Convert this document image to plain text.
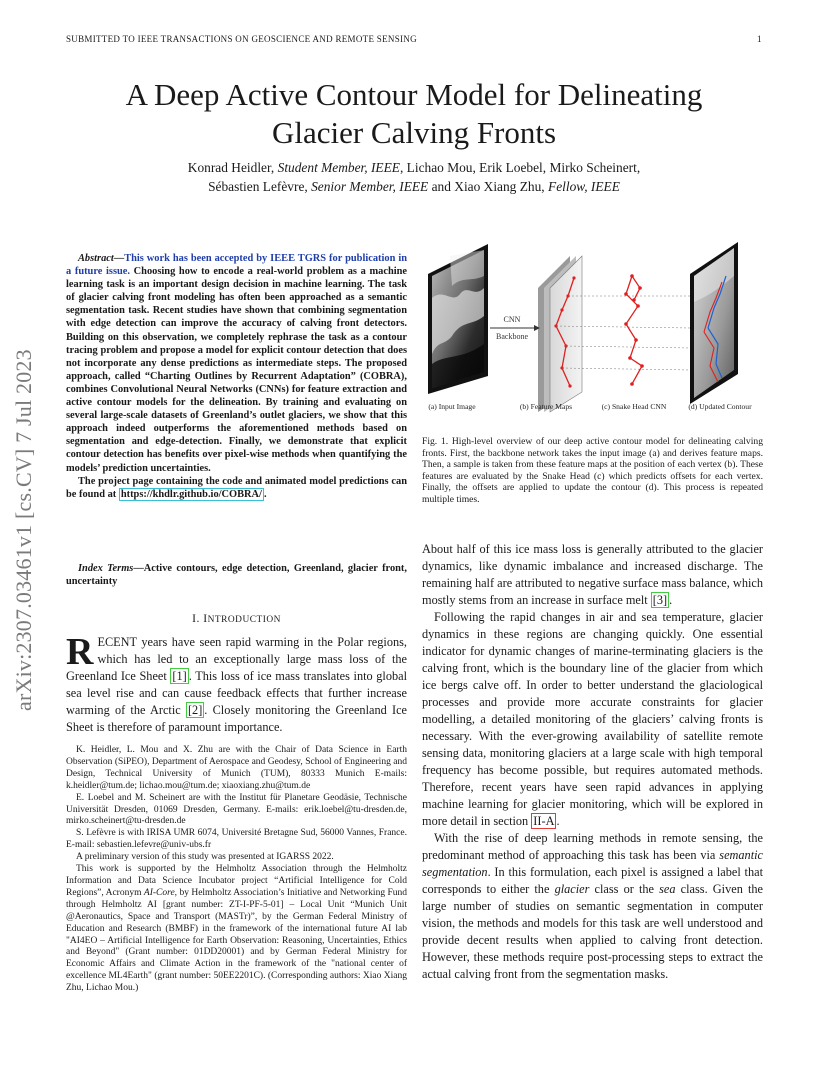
SUBMITTED TO IEEE TRANSACTIONS ON GEOSCIENCE AND REMOTE SENSING	1
arXiv:2307.03461v1 [cs.CV] 7 Jul 2023
A Deep Active Contour Model for Delineating
Glacier Calving Fronts
Konrad Heidler, Student Member, IEEE, Lichao Mou, Erik Loebel, Mirko Scheinert,
Sébastien Lefèvre, Senior Member, IEEE and Xiao Xiang Zhu, Fellow, IEEE

Abstract—This work has been accepted by IEEE TGRS for publication in a future issue. Choosing how to encode a real-world problem as a machine learning task is an important design decision in machine learning. The task of glacier calving front modeling has often been approached as a semantic segmentation task. Recent studies have shown that combining segmentation with edge detection can improve the accuracy of calving front detectors. Building on this observation, we completely rephrase the task as a contour tracing problem and propose a model for explicit contour detection that does not incorporate any dense predictions as intermediate steps. The proposed approach, called “Charting Outlines by Recurrent Adaptation” (COBRA), combines Convolutional Neural Networks (CNNs) for feature extraction and active contour models for the delineation. By training and evaluating on several large-scale datasets of Greenland’s outlet glaciers, we show that this approach indeed outperforms the aforementioned methods based on segmentation and edge-detection. Finally, we demonstrate that explicit contour detection has benefits over pixel-wise methods when quantifying the models’ prediction uncertainties.

The project page containing the code and animated model predictions can be found at https://khdlr.github.io/COBRA/ .

Index Terms—Active contours, edge detection, Greenland, glacier front, uncertainty
I. INTRODUCTION

RECENT years have seen rapid warming in the Polar regions, which has led to an exceptionally large mass loss of the Greenland Ice Sheet [1] . This loss of ice mass translates into global sea level rise and can cause feedback effects that further increase warming of the Arctic [2] . Closely monitoring the Greenland Ice Sheet is therefore of paramount importance.

K. Heidler, L. Mou and X. Zhu are with the Chair of Data Science in Earth Observation (SiPEO), Department of Aerospace and Geodesy, School of Engineering and Design, Technical University of Munich (TUM), 80333 Munich E-mails: k.heidler@tum.de; lichao.mou@tum.de; xiaoxiang.zhu@tum.de

E. Loebel and M. Scheinert are with the Institut für Planetare Geodäsie, Technische Universität Dresden, 01069 Dresden, Germany. E-mails: erik.loebel@tu-dresden.de, mirko.scheinert@tu-dresden.de

S. Lefèvre is with IRISA UMR 6074, Université Bretagne Sud, 56000 Vannes, France. E-mail: sebastien.lefevre@univ-ubs.fr

A preliminary version of this study was presented at IGARSS 2022.

This work is supported by the Helmholtz Association through the Helmholtz Information and Data Science Incubator project “Artificial Intelligence for Cold Regions”, Acronym AI-Core, by Helmholtz Association’s Initiative and Networking Fund through Helmholtz AI [grant number: ZT-I-PF-5-01] – Local Unit “Munich Unit @Aeronautics, Space and Transport (MASTr)”, by the German Federal Ministry of Education and Research (BMBF) in the framework of the international future AI lab "AI4EO – Artificial Intelligence for Earth Observation: Reasoning, Uncertainties, Ethics and Beyond" (Grant number: 01DD20001) and by German Federal Ministry for Economic Affairs and Climate Action in the framework of the "national center of excellence ML4Earth" (grant number: 50EE2201C). (Corresponding authors: Xiao Xiang Zhu, Lichao Mou.)

CNN
Backbone
(a) Input Image	(b) Feature Maps	(c) Snake Head CNN	(d) Updated Contour
Fig. 1. High-level overview of our deep active contour model for delineating calving fronts. First, the backbone network takes the input image (a) and derives feature maps. Then, a sample is taken from these feature maps at the position of each vertex (b). These features are evaluated by the Snake Head (c) which predicts offsets for each vertex. Finally, the offsets are applied to update the contour (d). This process is repeated multiple times.

About half of this ice mass loss is generally attributed to the glacier dynamics, like dynamic imbalance and increased discharge. The remaining half are attributed to negative surface mass balance, which mostly stems from an increase in surface melt [3] .

Following the rapid changes in air and sea temperature, glacier dynamics in these regions are changing quickly. One essential indicator for dynamic changes of marine-terminating glaciers is the calving front, which is the boundary line of the glacier from which ice bergs calve off. In order to better understand the glaciological processes and provide more accurate constraints for glacier modelling, a detailed monitoring of the glaciers’ calving fronts is necessary. With the ever-growing availability of satellite remote sensing data, monitoring glaciers at a large scale with high temporal frequency has become possible, but requires automated methods. Therefore, recent years have seen rapid advances in applying machine learning for glacier monitoring, which will be explored in more detail in section II-A .

With the rise of deep learning methods in remote sensing, the predominant method of approaching this task has been via semantic segmentation. In this formulation, each pixel is assigned a label that corresponds to either the glacier class or the sea class. Given the large number of studies on semantic segmentation in computer vision, the methods and models for this task are well understood and provide decent results when applied to calving front detection. However, these methods require post-processing steps to extract the actual calving front from the segmentation masks.
